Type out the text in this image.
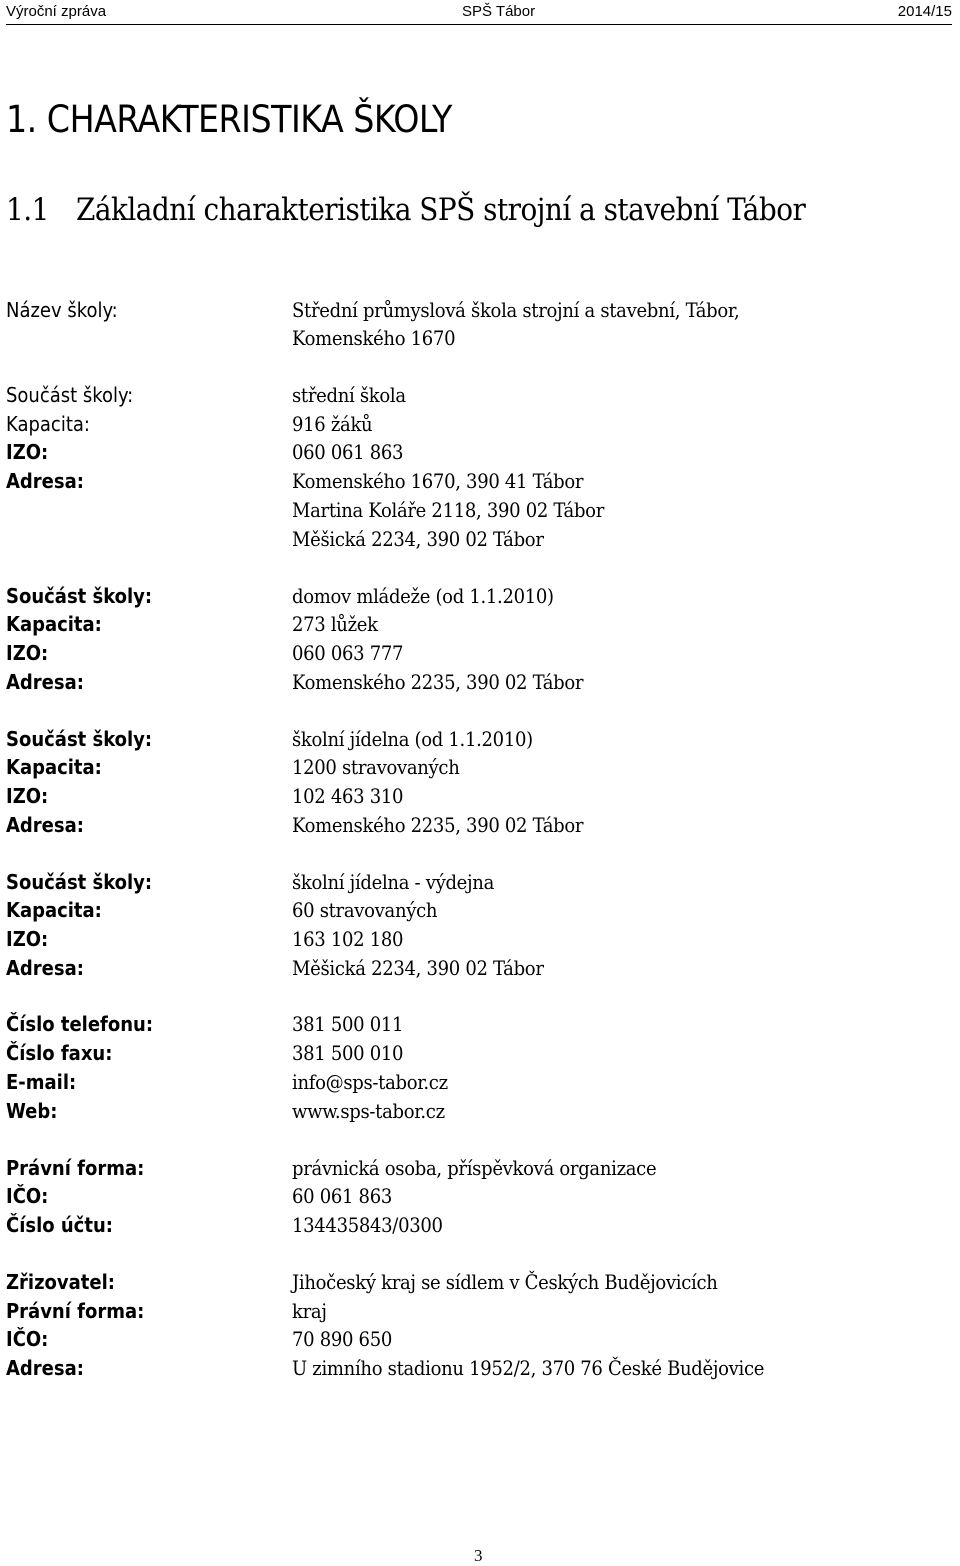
Výroční zpráva	SPŠ Tábor	2014/15
1. CHARAKTERISTIKA ŠKOLY
1.1 Základní charakteristika SPŠ strojní a stavební Tábor
Název školy:	Střední průmyslová škola strojní a stavební, Tábor,
Komenského 1670
Součást školy:	střední škola
Kapacita:	916 žáků
IZO:	060 061 863
Adresa:	Komenského 1670, 390 41 Tábor
Martina Koláře 2118, 390 02 Tábor
Měšická 2234, 390 02 Tábor
Součást školy:	domov mládeže (od 1.1.2010)
Kapacita:	273 lůžek
IZO:	060 063 777
Adresa:	Komenského 2235, 390 02 Tábor
Součást školy:	školní jídelna (od 1.1.2010)
Kapacita:	1200 stravovaných
IZO:	102 463 310
Adresa:	Komenského 2235, 390 02 Tábor
Součást školy:	školní jídelna - výdejna
Kapacita:	60 stravovaných
IZO:	163 102 180
Adresa:	Měšická 2234, 390 02 Tábor
Číslo telefonu:	381 500 011
Číslo faxu:	381 500 010
E-mail:	info@sps-tabor.cz
Web:	www.sps-tabor.cz
Právní forma:	právnická osoba, příspěvková organizace
IČO:	60 061 863
Číslo účtu:	134435843/0300
Zřizovatel:	Jihočeský kraj se sídlem v Českých Budějovicích
Právní forma:	kraj
IČO:	70 890 650
Adresa:	U zimního stadionu 1952/2, 370 76 České Budějovice
3
